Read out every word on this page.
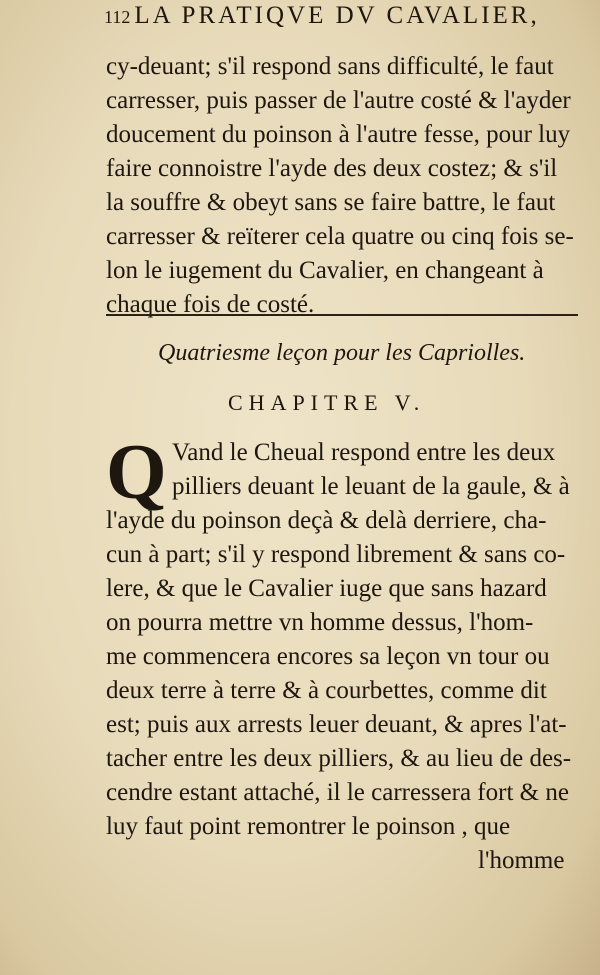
112 LA PRATIQVE DV CAVALIER,
cy-deuant; s'il respond sans difficulté, le faut
carresser, puis passer de l'autre costé & l'ayder
doucement du poinson à l'autre fesse, pour luy
faire connoistre l'ayde des deux costez; & s'il
la souffre & obeyt sans se faire battre, le faut
carresser & reïterer cela quatre ou cinq fois se-
lon le iugement du Cavalier, en changeant à
chaque fois de costé.
Quatriesme leçon pour les Capriolles.
CHAPITRE V.
Q Vand le Cheual respond entre les deux
pilliers deuant le leuant de la gaule, & à
l'ayde du poinson deçà & delà derriere, cha-
cun à part; s'il y respond librement & sans co-
lere, & que le Cavalier iuge que sans hazard
on pourra mettre vn homme dessus, l'hom-
me commencera encores sa leçon vn tour ou
deux terre à terre & à courbettes, comme dit
est; puis aux arrests leuer deuant, & apres l'at-
tacher entre les deux pilliers, & au lieu de des-
cendre estant attaché, il le carressera fort & ne
luy faut point remontrer le poinson , que
l'homme
